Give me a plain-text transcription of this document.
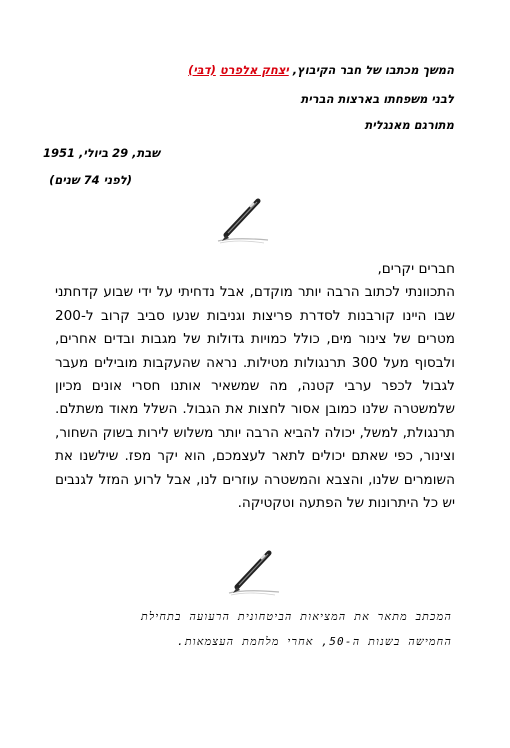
המשך מכתבו של חבר הקיבוץ, יצחק אלפרט (דבּי)
לבני משפחתו בארצות הברית
מתורגם מאנגלית
שבת, 29 ביולי, 1951
(לפני 74 שנים)
חברים יקרים,
התכוונתי לכתוב הרבה יותר מוקדם, אבל נדחיתי על ידי שבוע קדחתני שבו היינו קורבנות לסדרת פריצות וגניבות שנעו סביב קרוב ל-200 מטרים של צינור מים, כולל כמויות גדולות של מגבות ובדים אחרים, ולבסוף מעל 300 תרנגולות מטילות. נראה שהעקבות מובילים מעבר לגבול לכפר ערבי קטנה, מה שמשאיר אותנו חסרי אונים מכיון שלמשטרה שלנו כמובן אסור לחצות את הגבול. השלל מאוד משתלם. תרנגולת, למשל, יכולה להביא הרבה יותר משלוש לירות בשוק השחור, וצינור, כפי שאתם יכולים לתאר לעצמכם, הוא יקר מפז. שילשנו את השומרים שלנו, והצבא והמשטרה עוזרים לנו, אבל לרוע המזל לגנבים יש כל היתרונות של הפתעה וטקטיקה.
המכתב מתאר את המציאות הביטחונית הרעועה בתחילת
החמישה בשנות ה-50, אחרי מלחמת העצמאות.
